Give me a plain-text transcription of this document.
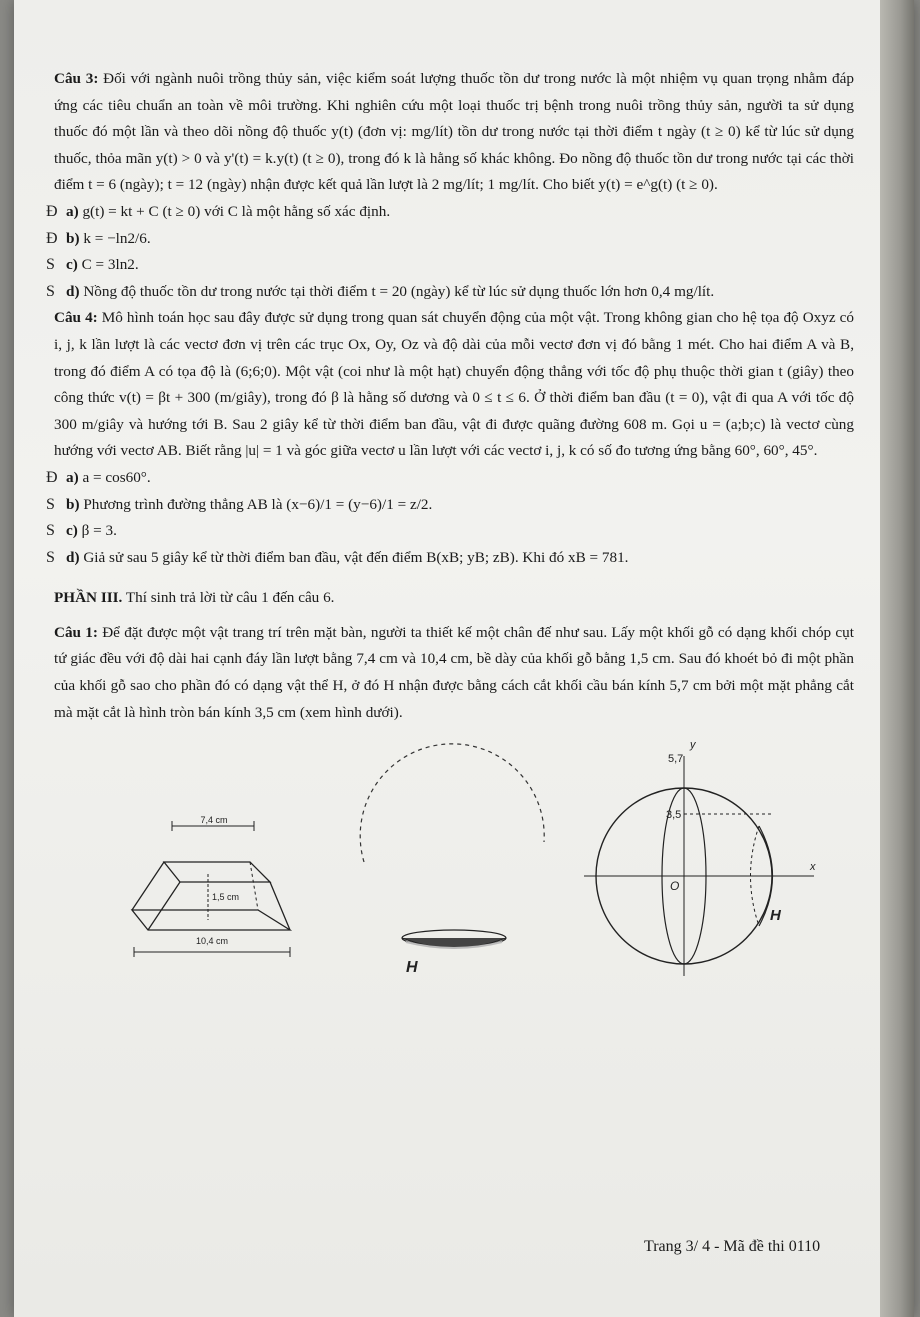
Câu 3: Đối với ngành nuôi trồng thủy sản, việc kiểm soát lượng thuốc tồn dư trong nước là một nhiệm vụ quan trọng nhằm đáp ứng các tiêu chuẩn an toàn về môi trường. Khi nghiên cứu một loại thuốc trị bệnh trong nuôi trồng thủy sản, người ta sử dụng thuốc đó một lần và theo dõi nồng độ thuốc y(t) (đơn vị: mg/lít) tồn dư trong nước tại thời điểm t ngày (t ≥ 0) kể từ lúc sử dụng thuốc, thỏa mãn y(t) > 0 và y'(t) = k.y(t) (t ≥ 0), trong đó k là hằng số khác không. Đo nồng độ thuốc tồn dư trong nước tại các thời điểm t = 6 (ngày); t = 12 (ngày) nhận được kết quả lần lượt là 2 mg/lít; 1 mg/lít. Cho biết y(t) = e^g(t) (t ≥ 0).

Đ a) g(t) = kt + C (t ≥ 0) với C là một hằng số xác định.

Đ b) k = −ln2/6.

S c) C = 3ln2.

S d) Nồng độ thuốc tồn dư trong nước tại thời điểm t = 20 (ngày) kể từ lúc sử dụng thuốc lớn hơn 0,4 mg/lít.

Câu 4: Mô hình toán học sau đây được sử dụng trong quan sát chuyển động của một vật. Trong không gian cho hệ tọa độ Oxyz có i, j, k lần lượt là các vectơ đơn vị trên các trục Ox, Oy, Oz và độ dài của mỗi vectơ đơn vị đó bằng 1 mét. Cho hai điểm A và B, trong đó điểm A có tọa độ là (6;6;0). Một vật (coi như là một hạt) chuyển động thẳng với tốc độ phụ thuộc thời gian t (giây) theo công thức v(t) = βt + 300 (m/giây), trong đó β là hằng số dương và 0 ≤ t ≤ 6. Ở thời điểm ban đầu (t = 0), vật đi qua A với tốc độ 300 m/giây và hướng tới B. Sau 2 giây kể từ thời điểm ban đầu, vật đi được quãng đường 608 m. Gọi u = (a;b;c) là vectơ cùng hướng với vectơ AB. Biết rằng |u| = 1 và góc giữa vectơ u lần lượt với các vectơ i, j, k có số đo tương ứng bằng 60°, 60°, 45°.

Đ a) a = cos60°.

S b) Phương trình đường thẳng AB là (x−6)/1 = (y−6)/1 = z/2.

S c) β = 3.

S d) Giả sử sau 5 giây kể từ thời điểm ban đầu, vật đến điểm B(xB; yB; zB). Khi đó xB = 781.

PHẦN III. Thí sinh trả lời từ câu 1 đến câu 6.

Câu 1: Để đặt được một vật trang trí trên mặt bàn, người ta thiết kế một chân đế như sau. Lấy một khối gỗ có dạng khối chóp cụt tứ giác đều với độ dài hai cạnh đáy lần lượt bằng 7,4 cm và 10,4 cm, bề dày của khối gỗ bằng 1,5 cm. Sau đó khoét bỏ đi một phần của khối gỗ sao cho phần đó có dạng vật thể H, ở đó H nhận được bằng cách cắt khối cầu bán kính 5,7 cm bởi một mặt phẳng cắt mà mặt cắt là hình tròn bán kính 3,5 cm (xem hình dưới).

7,4 cm
1,5 cm
10,4 cm
H
y
5,7
3,5
O
x
H
Trang 3/ 4 - Mã đề thi 0110
